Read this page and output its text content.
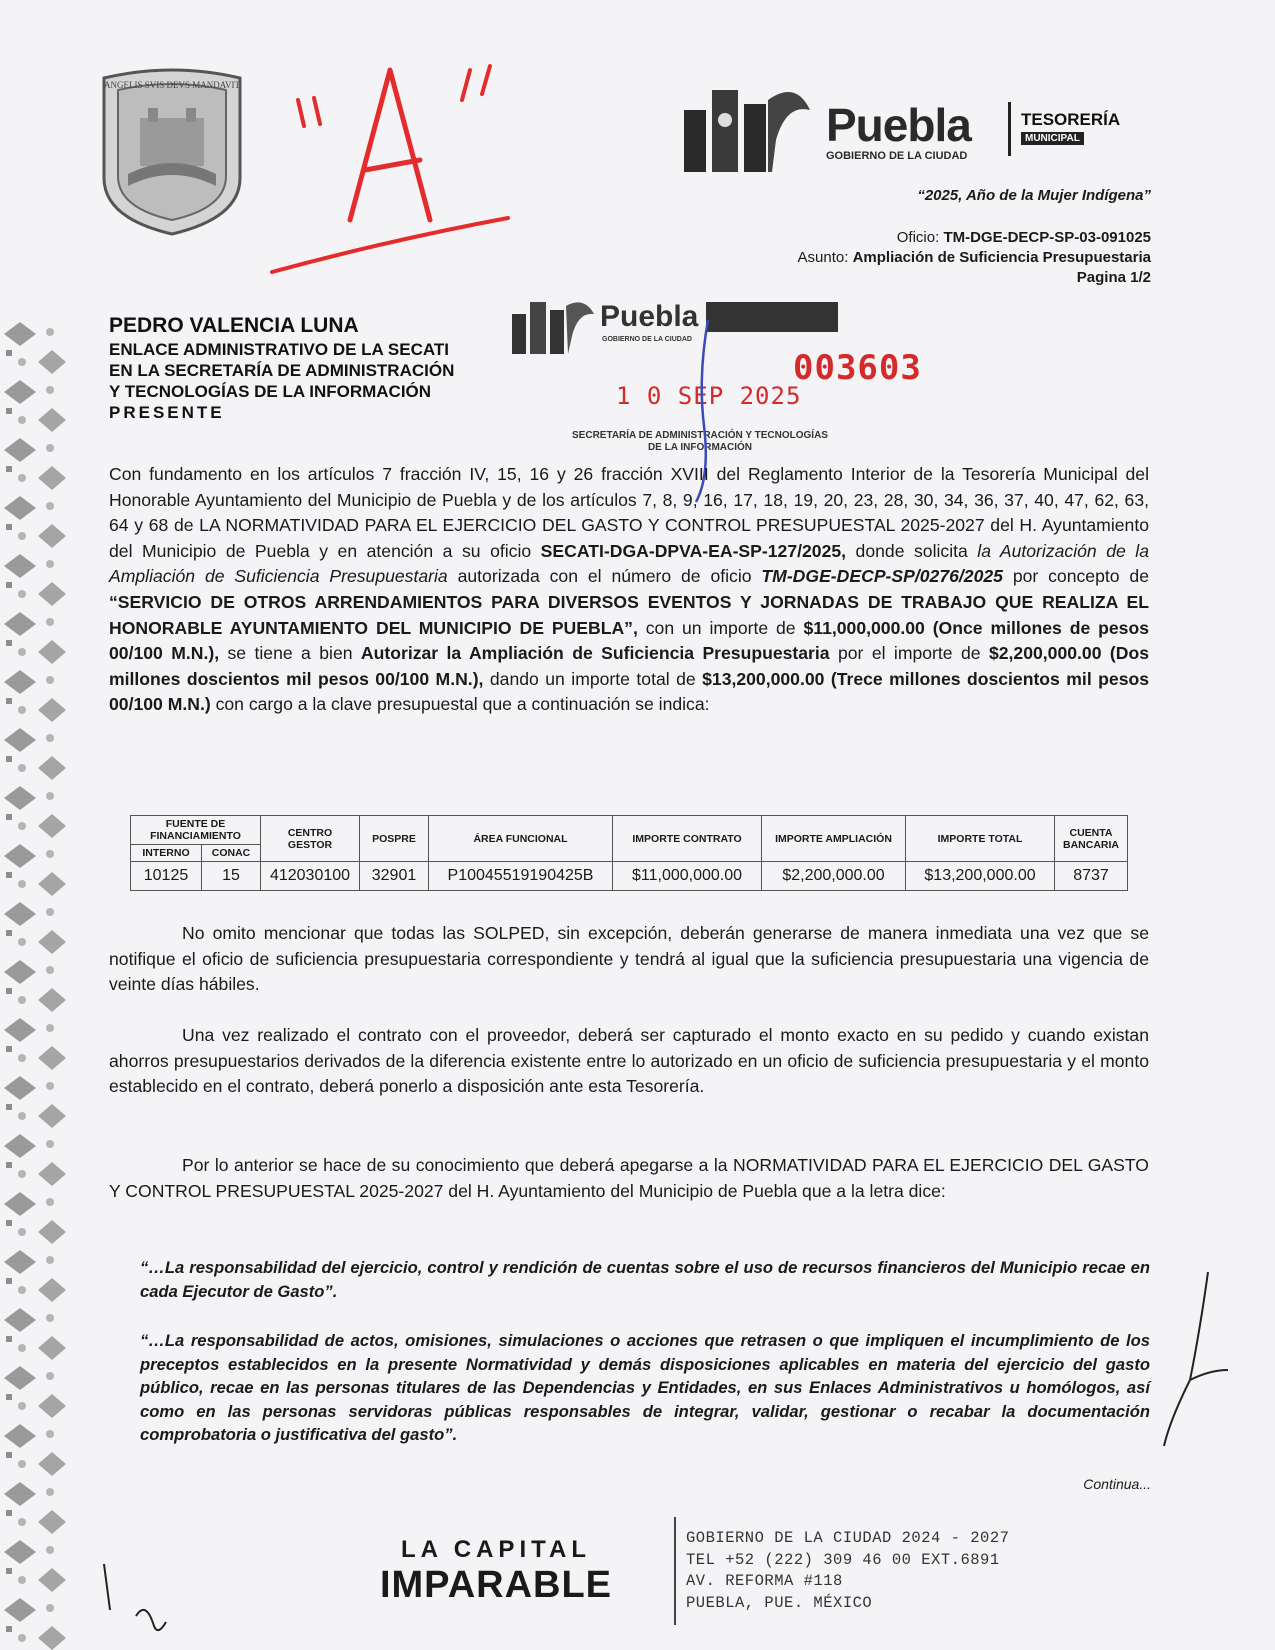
ANGELIS SVIS DEVS MANDAVIT
Puebla
GOBIERNO DE LA CIUDAD
TESORERÍA
MUNICIPAL
“2025, Año de la Mujer Indígena”
Oficio: TM-DGE-DECP-SP-03-091025
Asunto: Ampliación de Suficiencia Presupuestaria
Pagina 1/2
PEDRO VALENCIA LUNA
ENLACE ADMINISTRATIVO DE LA SECATI
EN LA SECRETARÍA DE ADMINISTRACIÓN
Y TECNOLOGÍAS DE LA INFORMACIÓN
PRESENTE
Puebla
GOBIERNO DE LA CIUDAD
003603
1 0 SEP 2025
SECRETARÍA DE ADMINISTRACIÓN Y TECNOLOGÍAS
DE LA INFORMACIÓN
Con fundamento en los artículos 7 fracción IV, 15, 16 y 26 fracción XVIII del Reglamento Interior de la Tesorería Municipal del Honorable Ayuntamiento del Municipio de Puebla y de los artículos 7, 8, 9, 16, 17, 18, 19, 20, 23, 28, 30, 34, 36, 37, 40, 47, 62, 63, 64 y 68 de LA NORMATIVIDAD PARA EL EJERCICIO DEL GASTO Y CONTROL PRESUPUESTAL 2025-2027 del H. Ayuntamiento del Municipio de Puebla y en atención a su oficio SECATI-DGA-DPVA-EA-SP-127/2025, donde solicita la Autorización de la Ampliación de Suficiencia Presupuestaria autorizada con el número de oficio TM-DGE-DECP-SP/0276/2025 por concepto de “SERVICIO DE OTROS ARRENDAMIENTOS PARA DIVERSOS EVENTOS Y JORNADAS DE TRABAJO QUE REALIZA EL HONORABLE AYUNTAMIENTO DEL MUNICIPIO DE PUEBLA”, con un importe de $11,000,000.00 (Once millones de pesos 00/100 M.N.), se tiene a bien Autorizar la Ampliación de Suficiencia Presupuestaria por el importe de $2,200,000.00 (Dos millones doscientos mil pesos 00/100 M.N.), dando un importe total de $13,200,000.00 (Trece millones doscientos mil pesos 00/100 M.N.) con cargo a la clave presupuestal que a continuación se indica:
FUENTE DE FINANCIAMIENTO		CENTRO GESTOR	POSPRE	ÁREA FUNCIONAL	IMPORTE CONTRATO	IMPORTE AMPLIACIÓN	IMPORTE TOTAL	CUENTA BANCARIA
INTERNO	CONAC							
10125	15	412030100	32901	P10045519190425B	$11,000,000.00	$2,200,000.00	$13,200,000.00	8737
No omito mencionar que todas las SOLPED, sin excepción, deberán generarse de manera inmediata una vez que se notifique el oficio de suficiencia presupuestaria correspondiente y tendrá al igual que la suficiencia presupuestaria una vigencia de veinte días hábiles.
Una vez realizado el contrato con el proveedor, deberá ser capturado el monto exacto en su pedido y cuando existan ahorros presupuestarios derivados de la diferencia existente entre lo autorizado en un oficio de suficiencia presupuestaria y el monto establecido en el contrato, deberá ponerlo a disposición ante esta Tesorería.
Por lo anterior se hace de su conocimiento que deberá apegarse a la NORMATIVIDAD PARA EL EJERCICIO DEL GASTO Y CONTROL PRESUPUESTAL 2025-2027 del H. Ayuntamiento del Municipio de Puebla que a la letra dice:
“…La responsabilidad del ejercicio, control y rendición de cuentas sobre el uso de recursos financieros del Municipio recae en cada Ejecutor de Gasto”.
“…La responsabilidad de actos, omisiones, simulaciones o acciones que retrasen o que impliquen el incumplimiento de los preceptos establecidos en la presente Normatividad y demás disposiciones aplicables en materia del ejercicio del gasto público, recae en las personas titulares de las Dependencias y Entidades, en sus Enlaces Administrativos u homólogos, así como en las personas servidoras públicas responsables de integrar, validar, gestionar o recabar la documentación comprobatoria o justificativa del gasto”.
Continua...
LA CAPITAL
IMPARABLE
GOBIERNO DE LA CIUDAD 2024 - 2027
TEL +52 (222) 309 46 00 EXT.6891
AV. REFORMA #118
PUEBLA, PUE. MÉXICO
